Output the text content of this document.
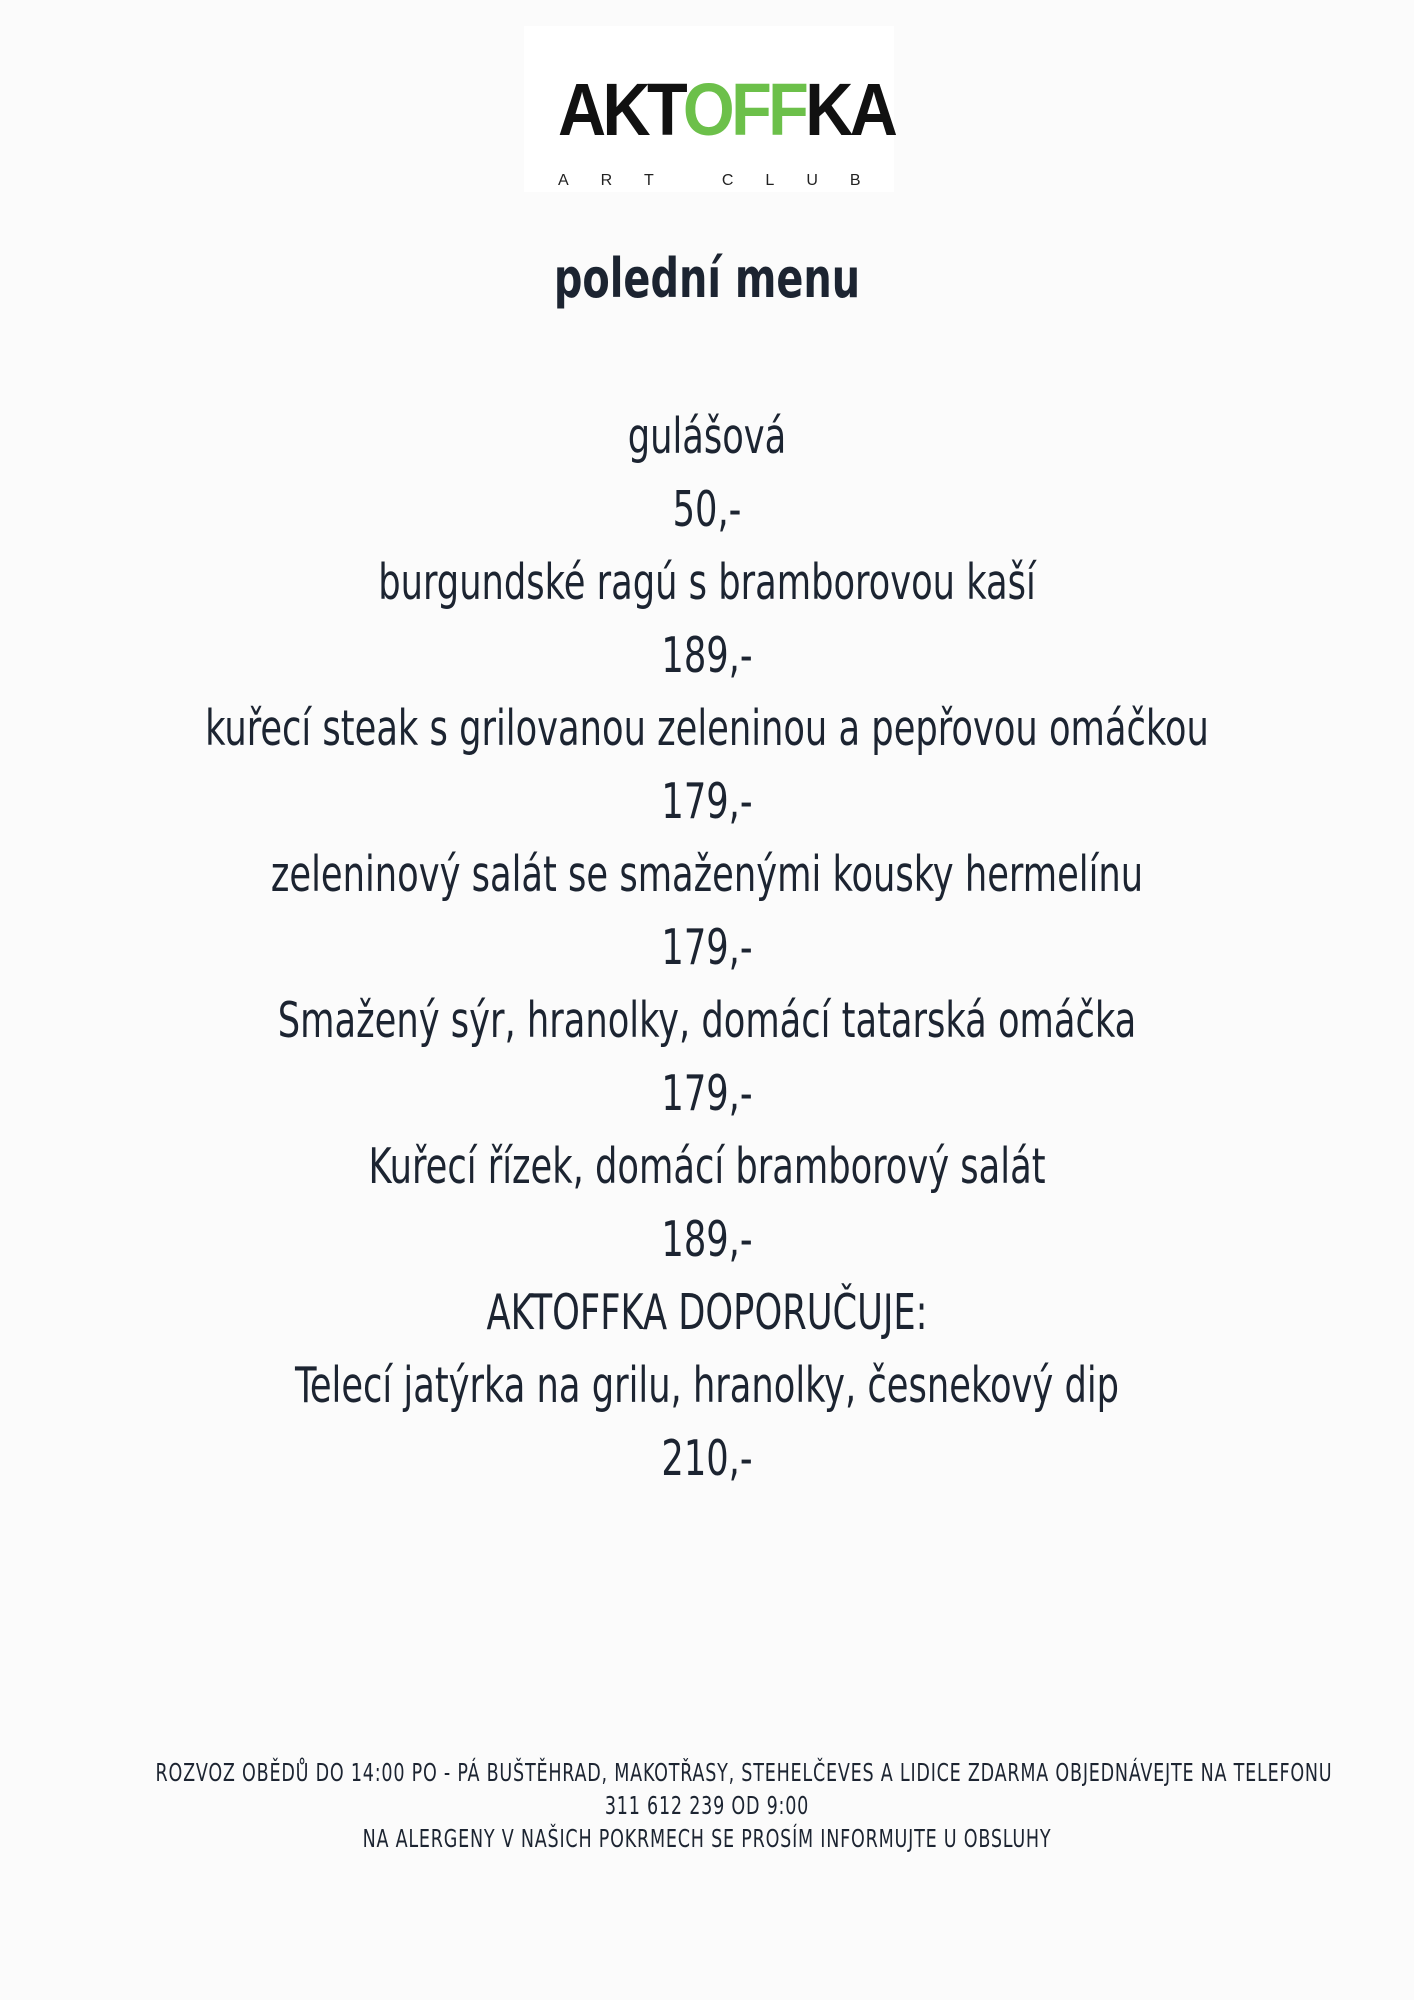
AKTOFFKA
ART CLUB
polední menu
gulášová
50,-
burgundské ragú s bramborovou kaší
189,-
kuřecí steak s grilovanou zeleninou a pepřovou omáčkou
179,-
zeleninový salát se smaženými kousky hermelínu
179,-
Smažený sýr, hranolky, domácí tatarská omáčka
179,-
Kuřecí řízek, domácí bramborový salát
189,-
AKTOFFKA DOPORUČUJE:
Telecí jatýrka na grilu, hranolky, česnekový dip
210,-
ROZVOZ OBĚDŮ DO 14:00 PO - PÁ BUŠTĚHRAD, MAKOTŘASY, STEHELČEVES A LIDICE ZDARMA OBJEDNÁVEJTE NA TELEFONU
311 612 239 OD 9:00
NA ALERGENY V NAŠICH POKRMECH SE PROSÍM INFORMUJTE U OBSLUHY
